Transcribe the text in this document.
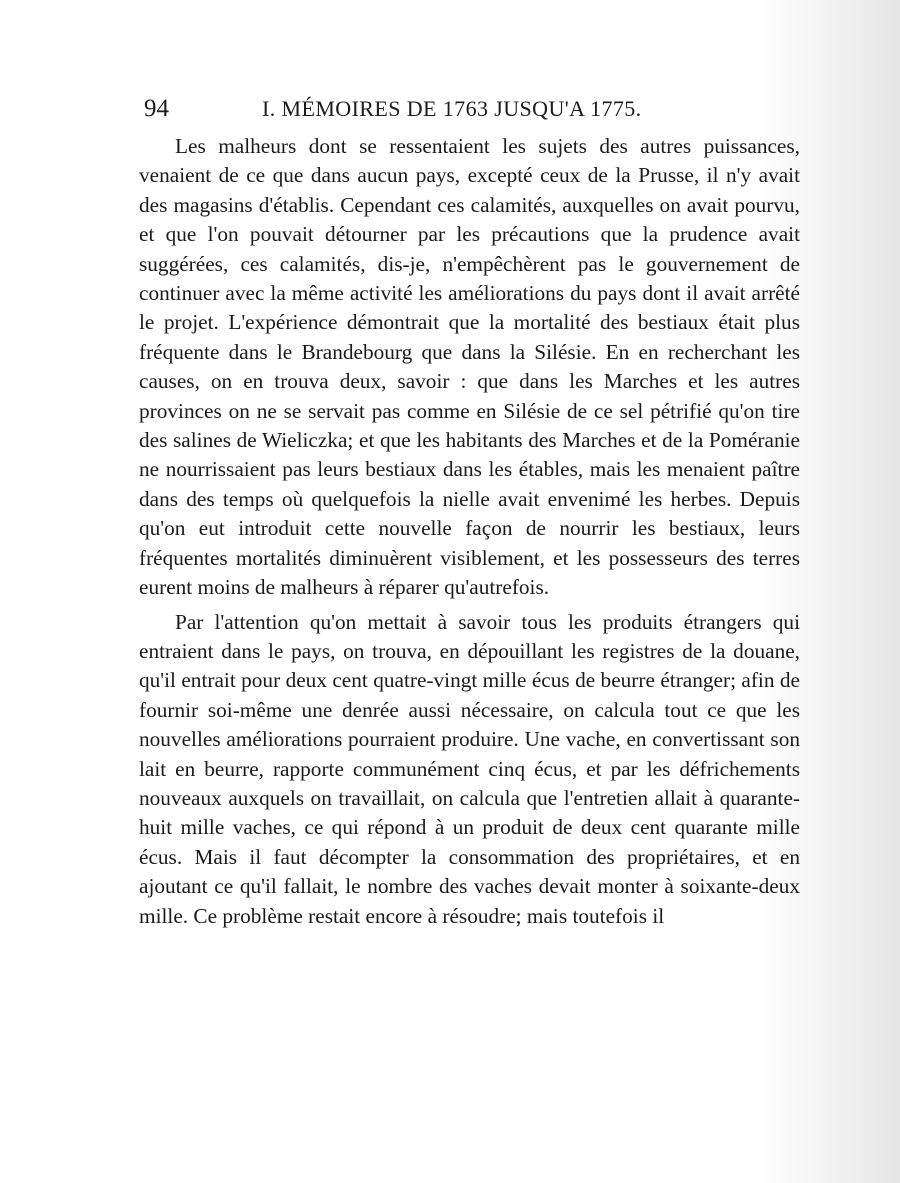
94	I. MÉMOIRES DE 1763 JUSQU'A 1775.

Les malheurs dont se ressentaient les sujets des autres puissances, venaient de ce que dans aucun pays, excepté ceux de la Prusse, il n'y avait des magasins d'établis. Cependant ces calamités, auxquelles on avait pourvu, et que l'on pouvait détourner par les précautions que la prudence avait suggérées, ces calamités, dis-je, n'empêchèrent pas le gouvernement de continuer avec la même activité les améliorations du pays dont il avait arrêté le projet. L'expérience démontrait que la mortalité des bestiaux était plus fréquente dans le Brandebourg que dans la Silésie. En en recherchant les causes, on en trouva deux, savoir : que dans les Marches et les autres provinces on ne se servait pas comme en Silésie de ce sel pétrifié qu'on tire des salines de Wieliczka; et que les habitants des Marches et de la Poméranie ne nourrissaient pas leurs bestiaux dans les étables, mais les menaient paître dans des temps où quelquefois la nielle avait envenimé les herbes. Depuis qu'on eut introduit cette nouvelle façon de nourrir les bestiaux, leurs fréquentes mortalités diminuèrent visiblement, et les possesseurs des terres eurent moins de malheurs à réparer qu'autrefois.

Par l'attention qu'on mettait à savoir tous les produits étrangers qui entraient dans le pays, on trouva, en dépouillant les registres de la douane, qu'il entrait pour deux cent quatre-vingt mille écus de beurre étranger; afin de fournir soi-même une denrée aussi nécessaire, on calcula tout ce que les nouvelles améliorations pourraient produire. Une vache, en convertissant son lait en beurre, rapporte communément cinq écus, et par les défrichements nouveaux auxquels on travaillait, on calcula que l'entretien allait à quarante-huit mille vaches, ce qui répond à un produit de deux cent quarante mille écus. Mais il faut décompter la consommation des propriétaires, et en ajoutant ce qu'il fallait, le nombre des vaches devait monter à soixante-deux mille. Ce problème restait encore à résoudre; mais toutefois il
